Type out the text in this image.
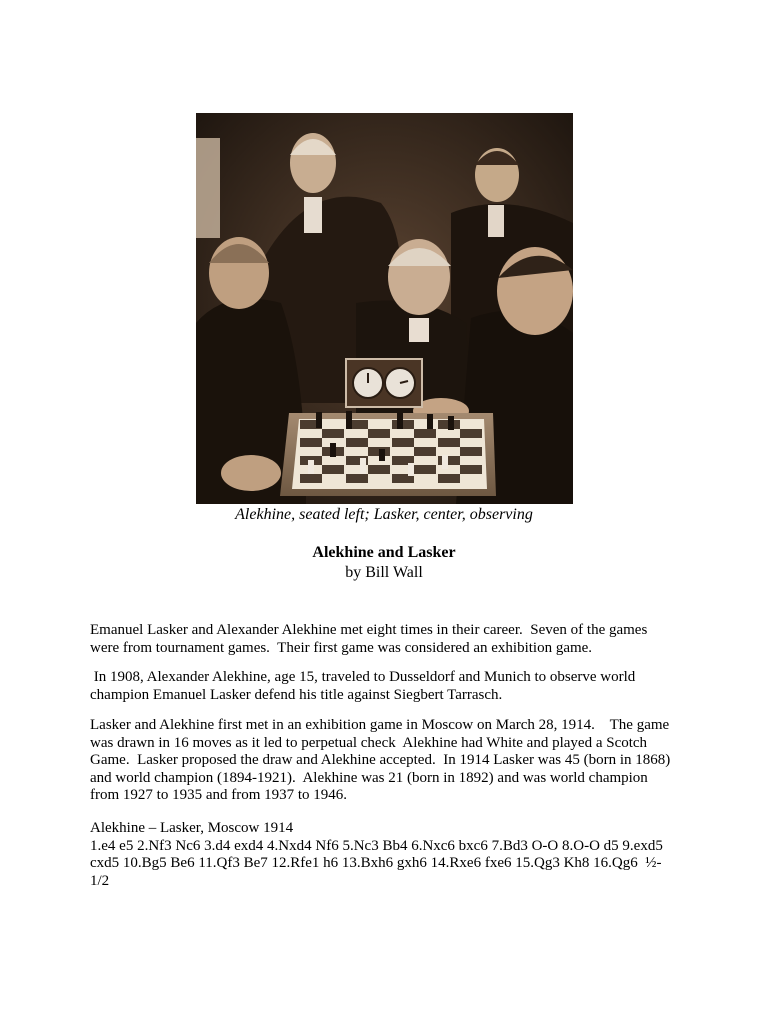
Alekhine, seated left; Lasker, center, observing
Alekhine and Lasker
by Bill Wall

Emanuel Lasker and Alexander Alekhine met eight times in their career.  Seven of the games

were from tournament games.  Their first game was considered an exhibition game.

In 1908, Alexander Alekhine, age 15, traveled to Dusseldorf and Munich to observe world

champion Emanuel Lasker defend his title against Siegbert Tarrasch.

Lasker and Alekhine first met in an exhibition game in Moscow on March 28, 1914.    The game

was drawn in 16 moves as it led to perpetual check  Alekhine had White and played a Scotch

Game.  Lasker proposed the draw and Alekhine accepted.  In 1914 Lasker was 45 (born in 1868)

and world champion (1894-1921).  Alekhine was 21 (born in 1892) and was world champion

from 1927 to 1935 and from 1937 to 1946.

Alekhine – Lasker, Moscow 1914

1.e4 e5 2.Nf3 Nc6 3.d4 exd4 4.Nxd4 Nf6 5.Nc3 Bb4 6.Nxc6 bxc6 7.Bd3 O-O 8.O-O d5 9.exd5

cxd5 10.Bg5 Be6 11.Qf3 Be7 12.Rfe1 h6 13.Bxh6 gxh6 14.Rxe6 fxe6 15.Qg3 Kh8 16.Qg6  ½-

1/2
